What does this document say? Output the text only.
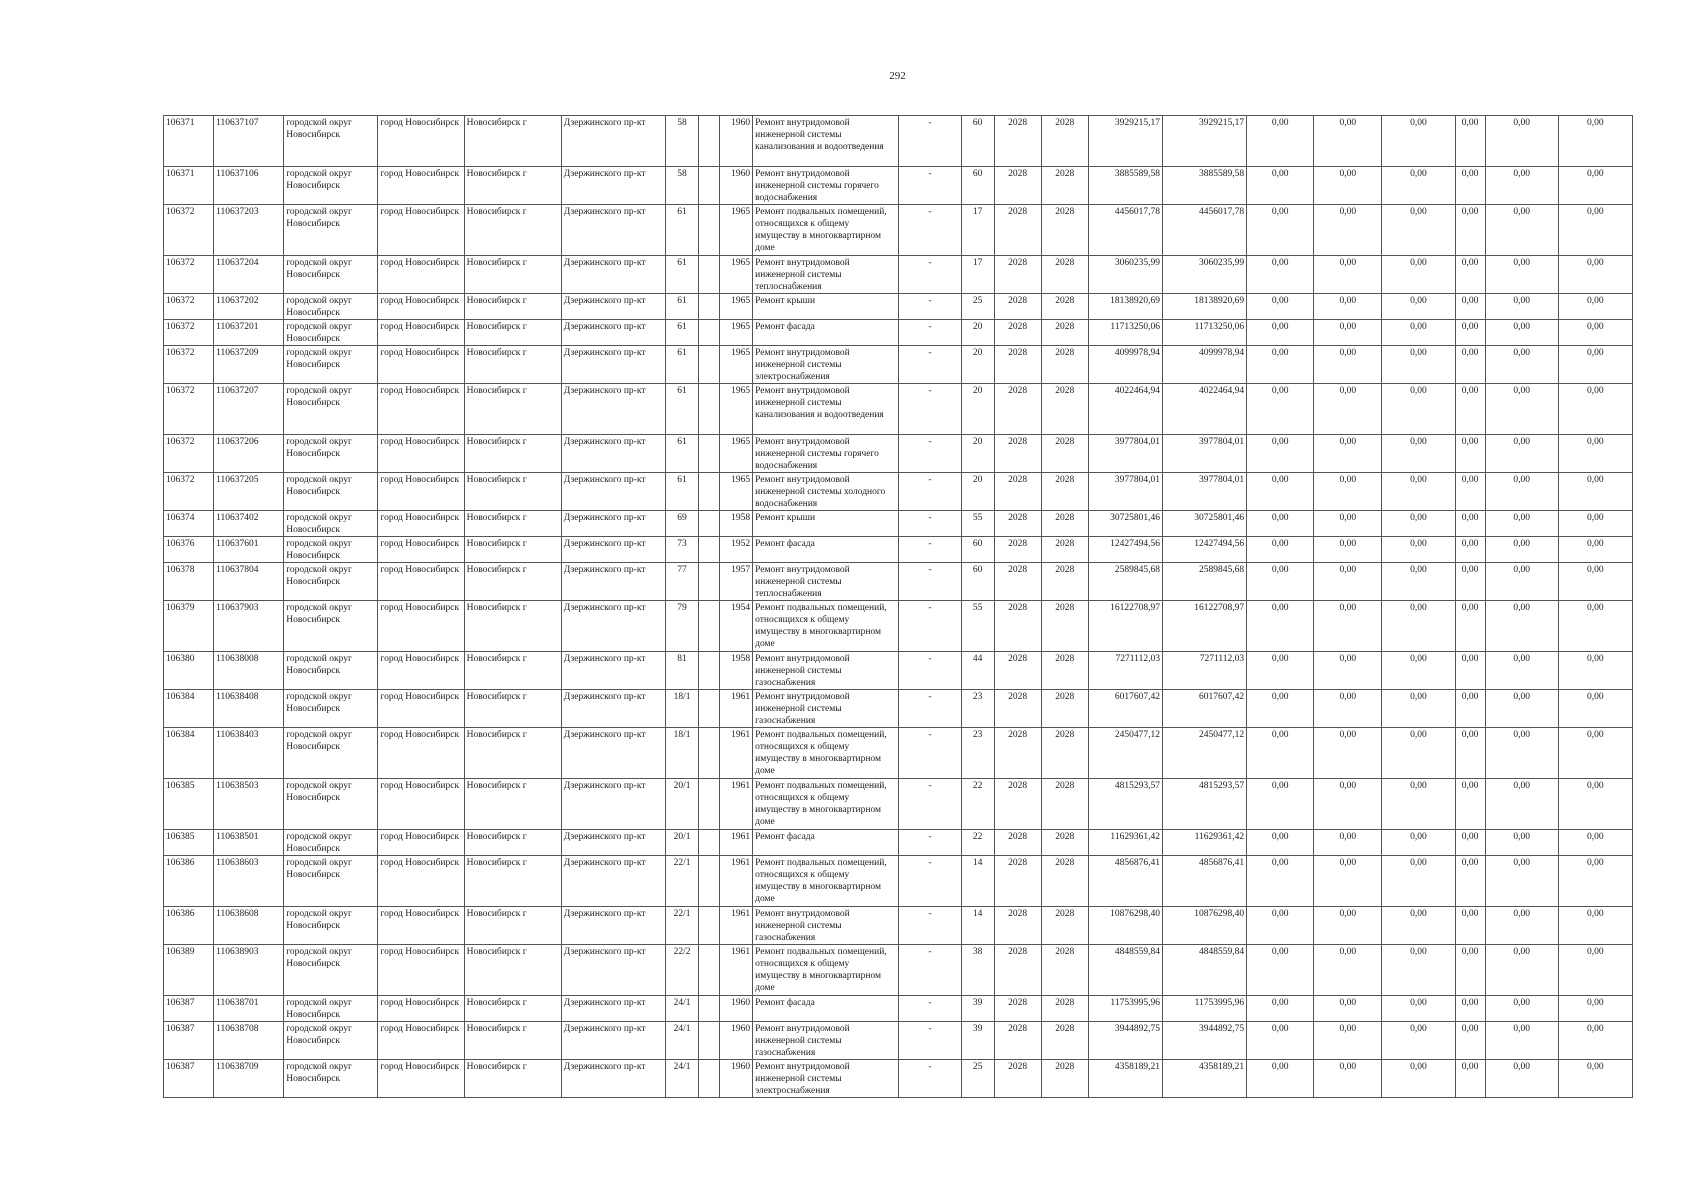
292
106371	110637107	городской округ Новосибирск	город Новосибирск	Новосибирск г	Дзержинского пр-кт	58		1960	Ремонт внутридомовой инженерной системы канализования и водоотведения	-	60	2028	2028	3929215,17	3929215,17	0,00	0,00	0,00	0,00	0,00	0,00
106371	110637106	городской округ Новосибирск	город Новосибирск	Новосибирск г	Дзержинского пр-кт	58		1960	Ремонт внутридомовой инженерной системы горячего водоснабжения	-	60	2028	2028	3885589,58	3885589,58	0,00	0,00	0,00	0,00	0,00	0,00
106372	110637203	городской округ Новосибирск	город Новосибирск	Новосибирск г	Дзержинского пр-кт	61		1965	Ремонт подвальных помещений, относящихся к общему имуществу в многоквартирном доме	-	17	2028	2028	4456017,78	4456017,78	0,00	0,00	0,00	0,00	0,00	0,00
106372	110637204	городской округ Новосибирск	город Новосибирск	Новосибирск г	Дзержинского пр-кт	61		1965	Ремонт внутридомовой инженерной системы теплоснабжения	-	17	2028	2028	3060235,99	3060235,99	0,00	0,00	0,00	0,00	0,00	0,00
106372	110637202	городской округ Новосибирск	город Новосибирск	Новосибирск г	Дзержинского пр-кт	61		1965	Ремонт крыши	-	25	2028	2028	18138920,69	18138920,69	0,00	0,00	0,00	0,00	0,00	0,00
106372	110637201	городской округ Новосибирск	город Новосибирск	Новосибирск г	Дзержинского пр-кт	61		1965	Ремонт фасада	-	20	2028	2028	11713250,06	11713250,06	0,00	0,00	0,00	0,00	0,00	0,00
106372	110637209	городской округ Новосибирск	город Новосибирск	Новосибирск г	Дзержинского пр-кт	61		1965	Ремонт внутридомовой инженерной системы электроснабжения	-	20	2028	2028	4099978,94	4099978,94	0,00	0,00	0,00	0,00	0,00	0,00
106372	110637207	городской округ Новосибирск	город Новосибирск	Новосибирск г	Дзержинского пр-кт	61		1965	Ремонт внутридомовой инженерной системы канализования и водоотведения	-	20	2028	2028	4022464,94	4022464,94	0,00	0,00	0,00	0,00	0,00	0,00
106372	110637206	городской округ Новосибирск	город Новосибирск	Новосибирск г	Дзержинского пр-кт	61		1965	Ремонт внутридомовой инженерной системы горячего водоснабжения	-	20	2028	2028	3977804,01	3977804,01	0,00	0,00	0,00	0,00	0,00	0,00
106372	110637205	городской округ Новосибирск	город Новосибирск	Новосибирск г	Дзержинского пр-кт	61		1965	Ремонт внутридомовой инженерной системы холодного водоснабжения	-	20	2028	2028	3977804,01	3977804,01	0,00	0,00	0,00	0,00	0,00	0,00
106374	110637402	городской округ Новосибирск	город Новосибирск	Новосибирск г	Дзержинского пр-кт	69		1958	Ремонт крыши	-	55	2028	2028	30725801,46	30725801,46	0,00	0,00	0,00	0,00	0,00	0,00
106376	110637601	городской округ Новосибирск	город Новосибирск	Новосибирск г	Дзержинского пр-кт	73		1952	Ремонт фасада	-	60	2028	2028	12427494,56	12427494,56	0,00	0,00	0,00	0,00	0,00	0,00
106378	110637804	городской округ Новосибирск	город Новосибирск	Новосибирск г	Дзержинского пр-кт	77		1957	Ремонт внутридомовой инженерной системы теплоснабжения	-	60	2028	2028	2589845,68	2589845,68	0,00	0,00	0,00	0,00	0,00	0,00
106379	110637903	городской округ Новосибирск	город Новосибирск	Новосибирск г	Дзержинского пр-кт	79		1954	Ремонт подвальных помещений, относящихся к общему имуществу в многоквартирном доме	-	55	2028	2028	16122708,97	16122708,97	0,00	0,00	0,00	0,00	0,00	0,00
106380	110638008	городской округ Новосибирск	город Новосибирск	Новосибирск г	Дзержинского пр-кт	81		1958	Ремонт внутридомовой инженерной системы газоснабжения	-	44	2028	2028	7271112,03	7271112,03	0,00	0,00	0,00	0,00	0,00	0,00
106384	110638408	городской округ Новосибирск	город Новосибирск	Новосибирск г	Дзержинского пр-кт	18/1		1961	Ремонт внутридомовой инженерной системы газоснабжения	-	23	2028	2028	6017607,42	6017607,42	0,00	0,00	0,00	0,00	0,00	0,00
106384	110638403	городской округ Новосибирск	город Новосибирск	Новосибирск г	Дзержинского пр-кт	18/1		1961	Ремонт подвальных помещений, относящихся к общему имуществу в многоквартирном доме	-	23	2028	2028	2450477,12	2450477,12	0,00	0,00	0,00	0,00	0,00	0,00
106385	110638503	городской округ Новосибирск	город Новосибирск	Новосибирск г	Дзержинского пр-кт	20/1		1961	Ремонт подвальных помещений, относящихся к общему имуществу в многоквартирном доме	-	22	2028	2028	4815293,57	4815293,57	0,00	0,00	0,00	0,00	0,00	0,00
106385	110638501	городской округ Новосибирск	город Новосибирск	Новосибирск г	Дзержинского пр-кт	20/1		1961	Ремонт фасада	-	22	2028	2028	11629361,42	11629361,42	0,00	0,00	0,00	0,00	0,00	0,00
106386	110638603	городской округ Новосибирск	город Новосибирск	Новосибирск г	Дзержинского пр-кт	22/1		1961	Ремонт подвальных помещений, относящихся к общему имуществу в многоквартирном доме	-	14	2028	2028	4856876,41	4856876,41	0,00	0,00	0,00	0,00	0,00	0,00
106386	110638608	городской округ Новосибирск	город Новосибирск	Новосибирск г	Дзержинского пр-кт	22/1		1961	Ремонт внутридомовой инженерной системы газоснабжения	-	14	2028	2028	10876298,40	10876298,40	0,00	0,00	0,00	0,00	0,00	0,00
106389	110638903	городской округ Новосибирск	город Новосибирск	Новосибирск г	Дзержинского пр-кт	22/2		1961	Ремонт подвальных помещений, относящихся к общему имуществу в многоквартирном доме	-	38	2028	2028	4848559,84	4848559,84	0,00	0,00	0,00	0,00	0,00	0,00
106387	110638701	городской округ Новосибирск	город Новосибирск	Новосибирск г	Дзержинского пр-кт	24/1		1960	Ремонт фасада	-	39	2028	2028	11753995,96	11753995,96	0,00	0,00	0,00	0,00	0,00	0,00
106387	110638708	городской округ Новосибирск	город Новосибирск	Новосибирск г	Дзержинского пр-кт	24/1		1960	Ремонт внутридомовой инженерной системы газоснабжения	-	39	2028	2028	3944892,75	3944892,75	0,00	0,00	0,00	0,00	0,00	0,00
106387	110638709	городской округ Новосибирск	город Новосибирск	Новосибирск г	Дзержинского пр-кт	24/1		1960	Ремонт внутридомовой инженерной системы электроснабжения	-	25	2028	2028	4358189,21	4358189,21	0,00	0,00	0,00	0,00	0,00	0,00
